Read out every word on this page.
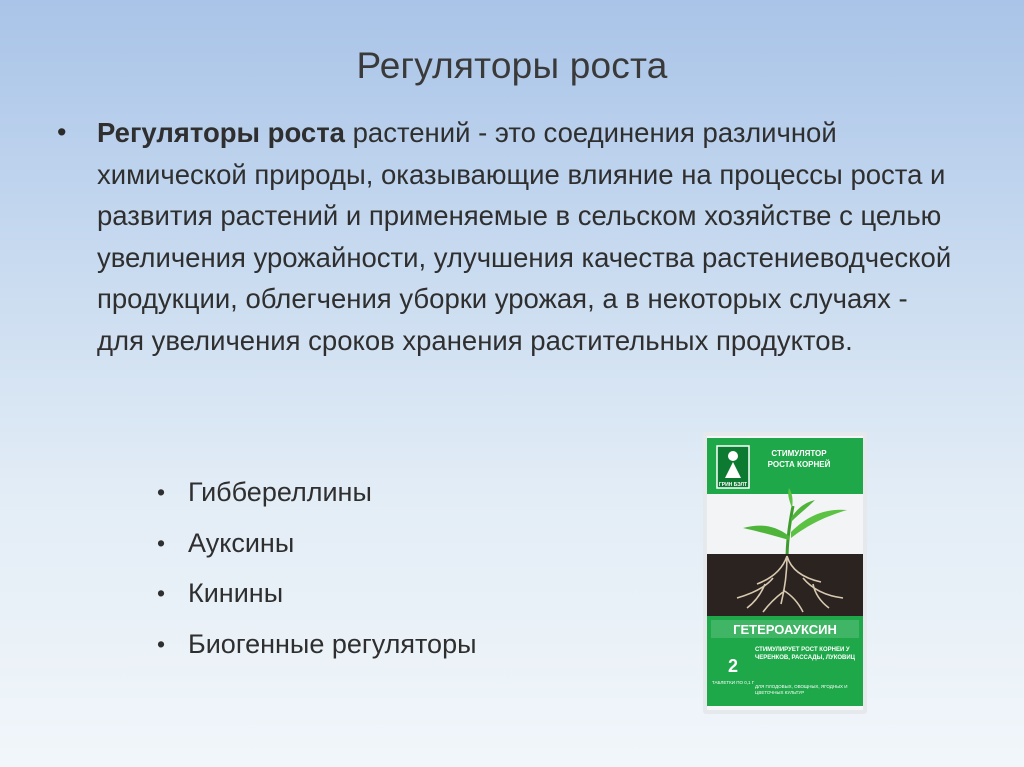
Регуляторы роста
• Регуляторы роста растений - это соединения различной химической природы, оказывающие влияние на процессы роста и развития растений и применяемые в сельском хозяйстве с целью увеличения урожайности, улучшения качества растениеводческой продукции, облегчения уборки урожая, а в некоторых случаях - для увеличения сроков хранения растительных продуктов.
• Гиббереллины
• Ауксины
• Кинины
• Биогенные регуляторы
ГРИН БЭЛТ
СТИМУЛЯТОР
РОСТА КОРНЕЙ
ГЕТЕРОАУКСИН
2
ТАБЛЕТКИ ПО 0,1 Г
СТИМУЛИРУЕТ РОСТ КОРНЕЙ У ЧЕРЕНКОВ, РАССАДЫ, ЛУКОВИЦ
ДЛЯ ПЛОДОВЫХ, ОВОЩНЫХ, ЯГОДНЫХ И ЦВЕТОЧНЫХ КУЛЬТУР
